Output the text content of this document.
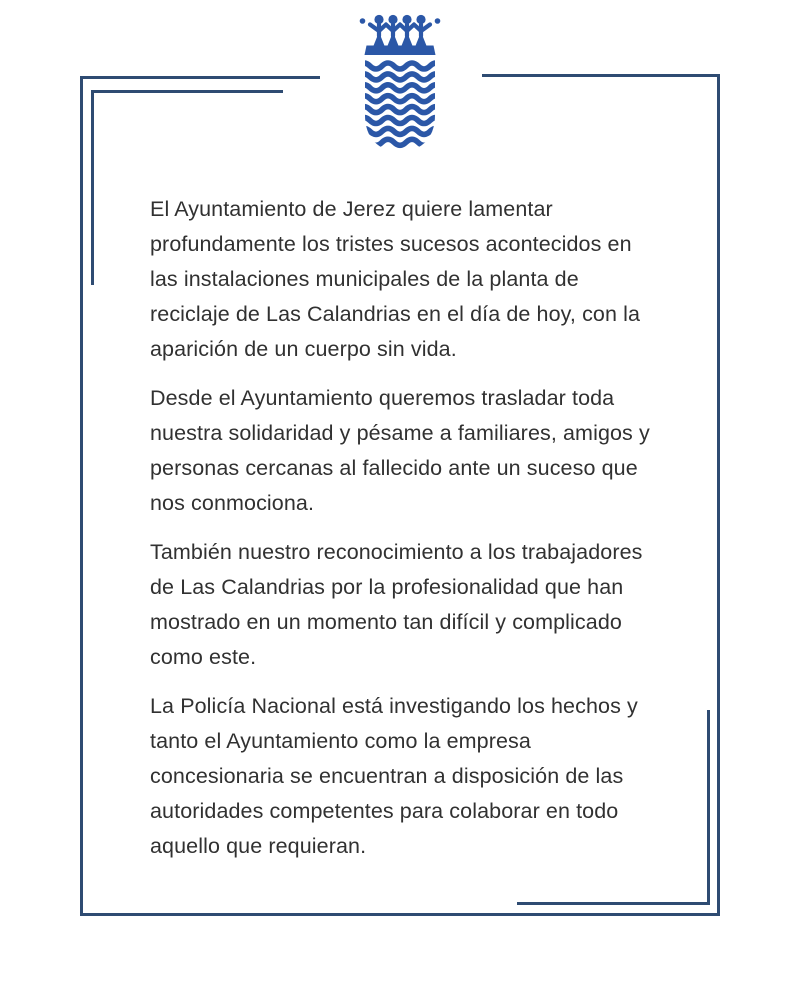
El Ayuntamiento de Jerez quiere lamentar
profundamente los tristes sucesos acontecidos en
las instalaciones municipales de la planta de
reciclaje de Las Calandrias en el día de hoy, con la
aparición de un cuerpo sin vida.
Desde el Ayuntamiento queremos trasladar toda
nuestra solidaridad y pésame a familiares, amigos y
personas cercanas al fallecido ante un suceso que
nos conmociona.
También nuestro reconocimiento a los trabajadores
de Las Calandrias por la profesionalidad que han
mostrado en un momento tan difícil y complicado
como este.
La Policía Nacional está investigando los hechos y
tanto el Ayuntamiento como la empresa
concesionaria se encuentran a disposición de las
autoridades competentes para colaborar en todo
aquello que requieran.
